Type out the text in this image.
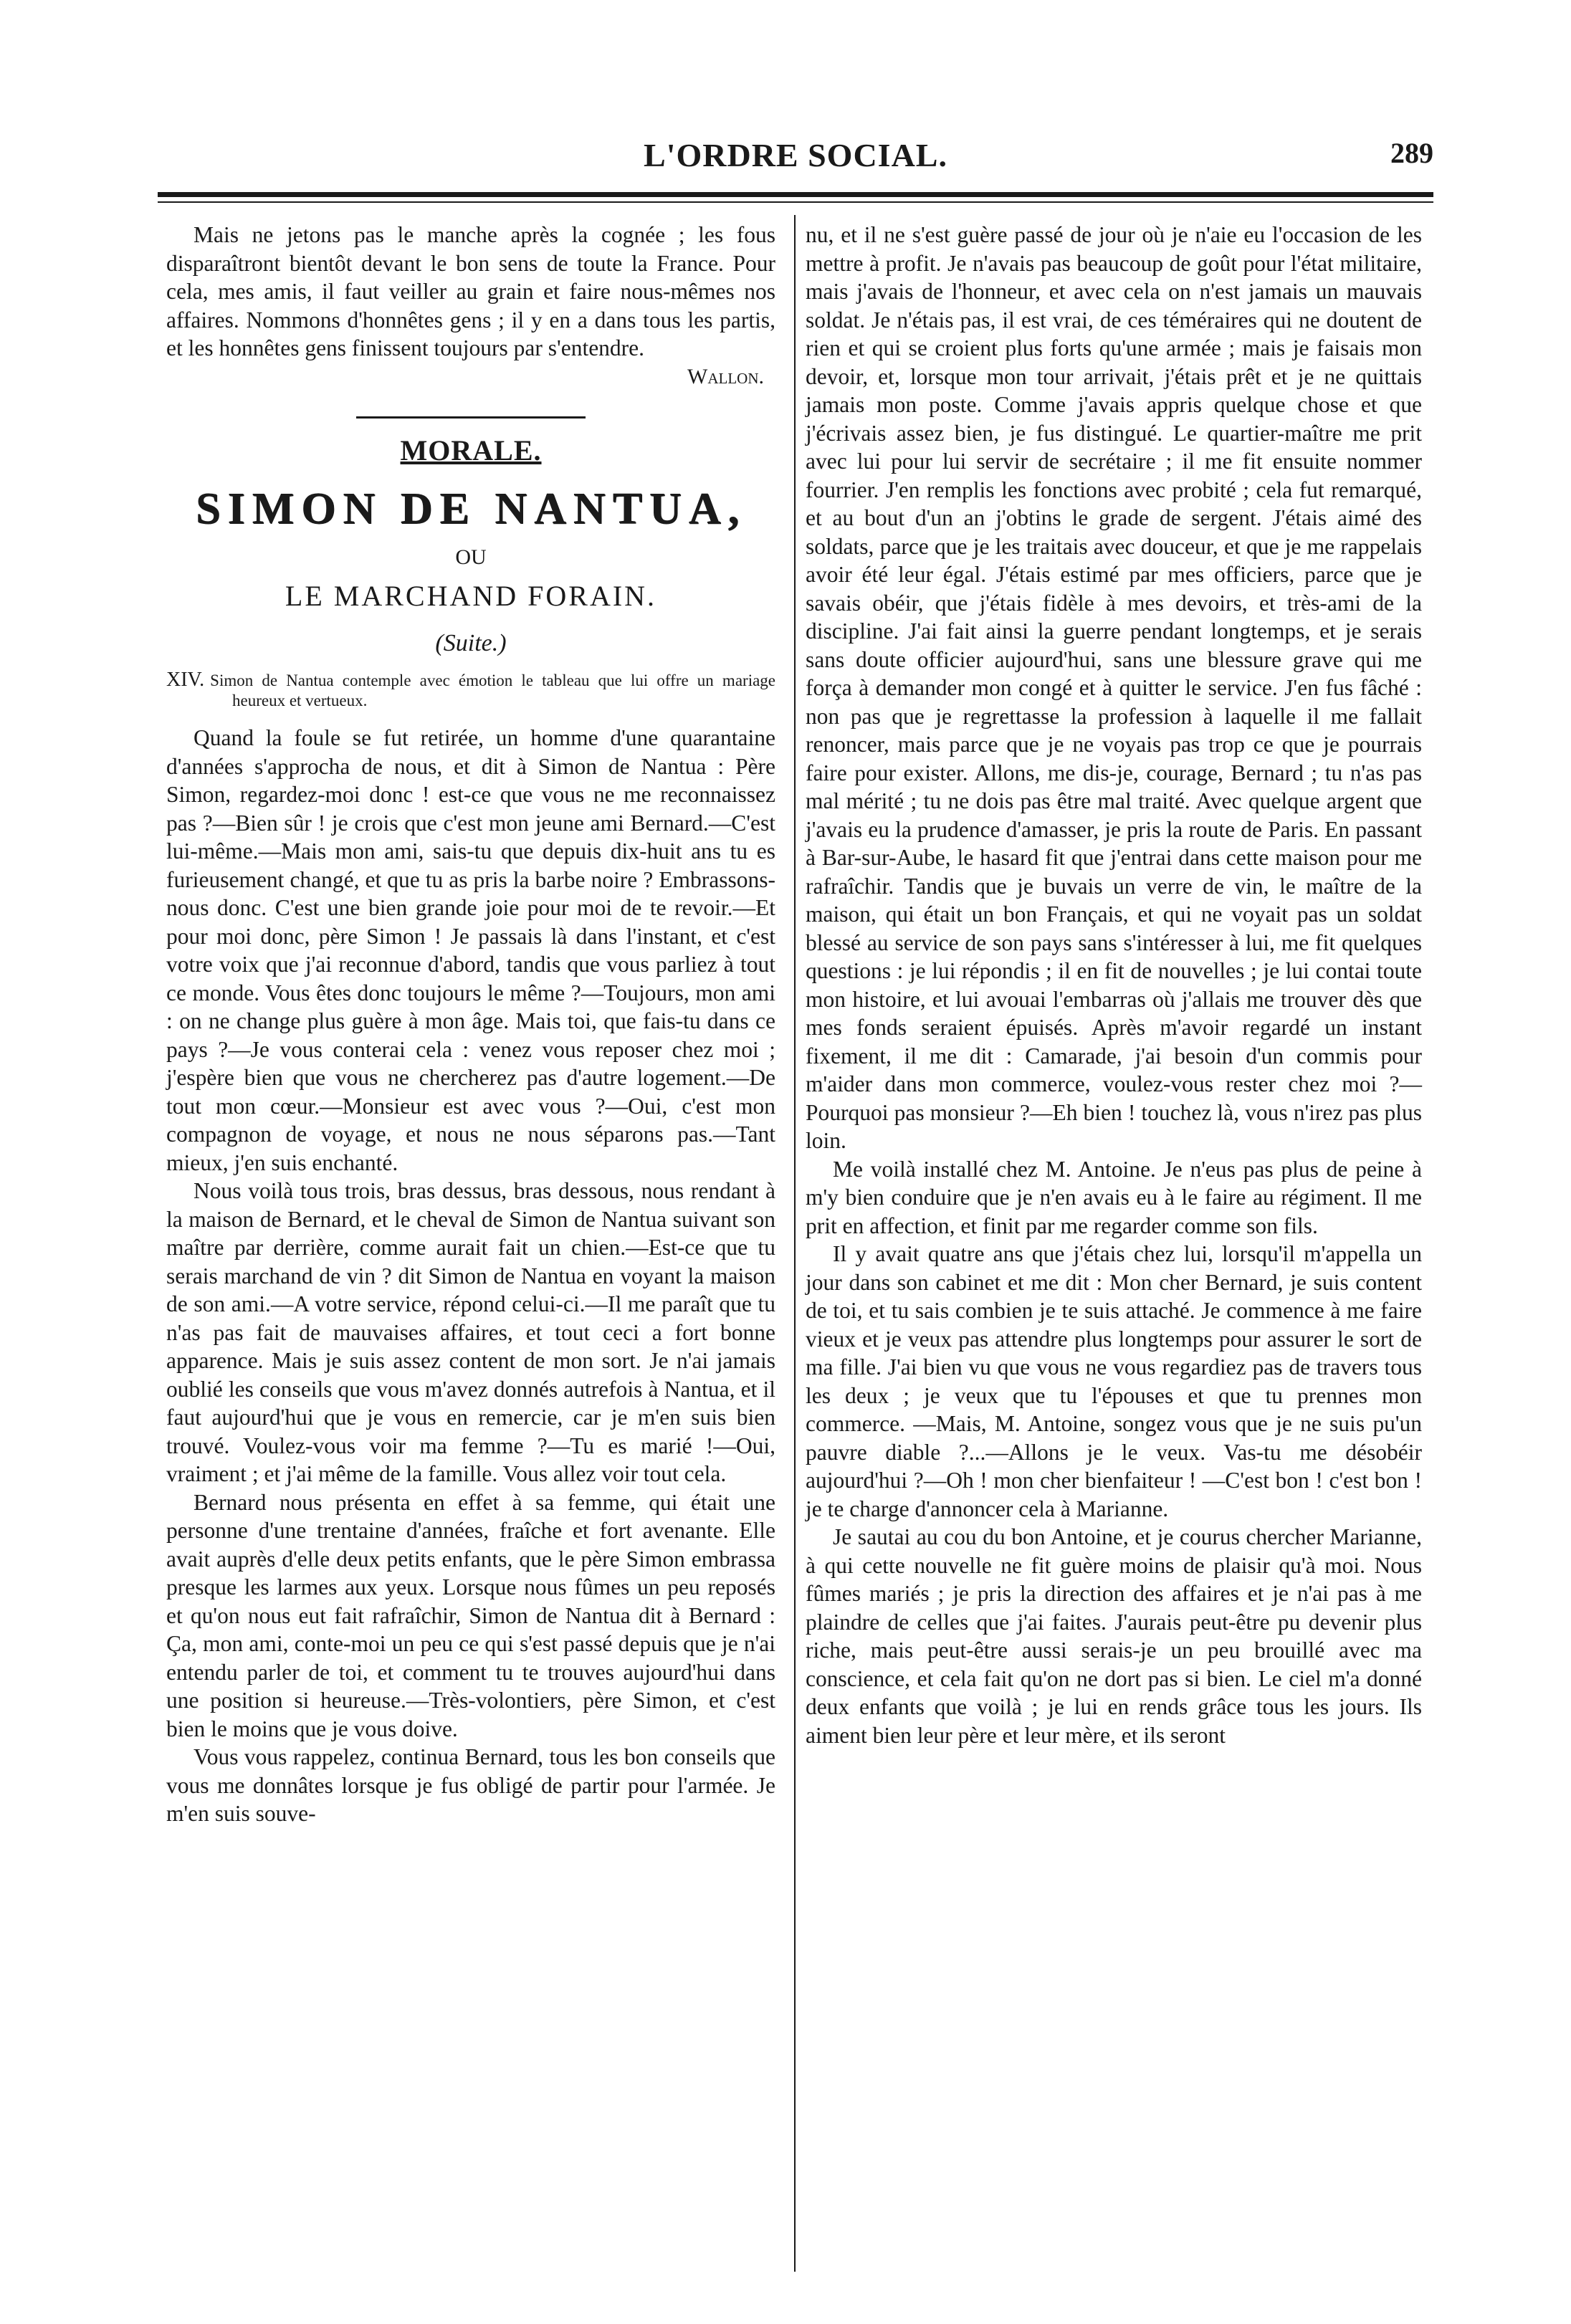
L'ORDRE SOCIAL.	289

Mais ne jetons pas le manche après la cognée ; les fous disparaîtront bientôt devant le bon sens de toute la France. Pour cela, mes amis, il faut veiller au grain et faire nous-mêmes nos affaires. Nommons d'honnêtes gens ; il y en a dans tous les partis, et les honnêtes gens finissent toujours par s'entendre.

Wallon.

MORALE.
SIMON DE NANTUA,
OU
LE MARCHAND FORAIN.
(Suite.)
XIV. Simon de Nantua contemple avec émotion le tableau que lui offre un mariage heureux et vertueux.

Quand la foule se fut retirée, un homme d'une quarantaine d'années s'approcha de nous, et dit à Simon de Nantua : Père Simon, regardez-moi donc ! est-ce que vous ne me reconnaissez pas ?—Bien sûr ! je crois que c'est mon jeune ami Bernard.—C'est lui-même.—Mais mon ami, sais-tu que depuis dix-huit ans tu es furieusement changé, et que tu as pris la barbe noire ? Embrassons-nous donc. C'est une bien grande joie pour moi de te revoir.—Et pour moi donc, père Simon ! Je passais là dans l'instant, et c'est votre voix que j'ai reconnue d'abord, tandis que vous parliez à tout ce monde. Vous êtes donc toujours le même ?—Toujours, mon ami : on ne change plus guère à mon âge. Mais toi, que fais-tu dans ce pays ?—Je vous conterai cela : venez vous reposer chez moi ; j'espère bien que vous ne chercherez pas d'autre logement.—De tout mon cœur.—Monsieur est avec vous ?—Oui, c'est mon compagnon de voyage, et nous ne nous séparons pas.—Tant mieux, j'en suis enchanté.

Nous voilà tous trois, bras dessus, bras dessous, nous rendant à la maison de Bernard, et le cheval de Simon de Nantua suivant son maître par derrière, comme aurait fait un chien.—Est-ce que tu serais marchand de vin ? dit Simon de Nantua en voyant la maison de son ami.—A votre service, répond celui-ci.—Il me paraît que tu n'as pas fait de mauvaises affaires, et tout ceci a fort bonne apparence. Mais je suis assez content de mon sort. Je n'ai jamais oublié les conseils que vous m'avez donnés autrefois à Nantua, et il faut aujourd'hui que je vous en remercie, car je m'en suis bien trouvé. Voulez-vous voir ma femme ?—Tu es marié !—Oui, vraiment ; et j'ai même de la famille. Vous allez voir tout cela.

Bernard nous présenta en effet à sa femme, qui était une personne d'une trentaine d'années, fraîche et fort avenante. Elle avait auprès d'elle deux petits enfants, que le père Simon embrassa presque les larmes aux yeux. Lorsque nous fûmes un peu reposés et qu'on nous eut fait rafraîchir, Simon de Nantua dit à Bernard : Ça, mon ami, conte-moi un peu ce qui s'est passé depuis que je n'ai entendu parler de toi, et comment tu te trouves aujourd'hui dans une position si heureuse.—Très-volontiers, père Simon, et c'est bien le moins que je vous doive.

Vous vous rappelez, continua Bernard, tous les bon conseils que vous me donnâtes lorsque je fus obligé de partir pour l'armée. Je m'en suis souve-

nu, et il ne s'est guère passé de jour où je n'aie eu l'occasion de les mettre à profit. Je n'avais pas beaucoup de goût pour l'état militaire, mais j'avais de l'honneur, et avec cela on n'est jamais un mauvais soldat. Je n'étais pas, il est vrai, de ces téméraires qui ne doutent de rien et qui se croient plus forts qu'une armée ; mais je faisais mon devoir, et, lorsque mon tour arrivait, j'étais prêt et je ne quittais jamais mon poste. Comme j'avais appris quelque chose et que j'écrivais assez bien, je fus distingué. Le quartier-maître me prit avec lui pour lui servir de secrétaire ; il me fit ensuite nommer fourrier. J'en remplis les fonctions avec probité ; cela fut remarqué, et au bout d'un an j'obtins le grade de sergent. J'étais aimé des soldats, parce que je les traitais avec douceur, et que je me rappelais avoir été leur égal. J'étais estimé par mes officiers, parce que je savais obéir, que j'étais fidèle à mes devoirs, et très-ami de la discipline. J'ai fait ainsi la guerre pendant longtemps, et je serais sans doute officier aujourd'hui, sans une blessure grave qui me força à demander mon congé et à quitter le service. J'en fus fâché : non pas que je regrettasse la profession à laquelle il me fallait renoncer, mais parce que je ne voyais pas trop ce que je pourrais faire pour exister. Allons, me dis-je, courage, Bernard ; tu n'as pas mal mérité ; tu ne dois pas être mal traité. Avec quelque argent que j'avais eu la prudence d'amasser, je pris la route de Paris. En passant à Bar-sur-Aube, le hasard fit que j'entrai dans cette maison pour me rafraîchir. Tandis que je buvais un verre de vin, le maître de la maison, qui était un bon Français, et qui ne voyait pas un soldat blessé au service de son pays sans s'intéresser à lui, me fit quelques questions : je lui répondis ; il en fit de nouvelles ; je lui contai toute mon histoire, et lui avouai l'embarras où j'allais me trouver dès que mes fonds seraient épuisés. Après m'avoir regardé un instant fixement, il me dit : Camarade, j'ai besoin d'un commis pour m'aider dans mon commerce, voulez-vous rester chez moi ?—Pourquoi pas monsieur ?—Eh bien ! touchez là, vous n'irez pas plus loin.

Me voilà installé chez M. Antoine. Je n'eus pas plus de peine à m'y bien conduire que je n'en avais eu à le faire au régiment. Il me prit en affection, et finit par me regarder comme son fils.

Il y avait quatre ans que j'étais chez lui, lorsqu'il m'appella un jour dans son cabinet et me dit : Mon cher Bernard, je suis content de toi, et tu sais combien je te suis attaché. Je commence à me faire vieux et je veux pas attendre plus longtemps pour assurer le sort de ma fille. J'ai bien vu que vous ne vous regardiez pas de travers tous les deux ; je veux que tu l'épouses et que tu prennes mon commerce. —Mais, M. Antoine, songez vous que je ne suis pu'un pauvre diable ?...—Allons je le veux. Vas-tu me désobéir aujourd'hui ?—Oh ! mon cher bienfaiteur ! —C'est bon ! c'est bon ! je te charge d'annoncer cela à Marianne.

Je sautai au cou du bon Antoine, et je courus chercher Marianne, à qui cette nouvelle ne fit guère moins de plaisir qu'à moi. Nous fûmes mariés ; je pris la direction des affaires et je n'ai pas à me plaindre de celles que j'ai faites. J'aurais peut-être pu devenir plus riche, mais peut-être aussi serais-je un peu brouillé avec ma conscience, et cela fait qu'on ne dort pas si bien. Le ciel m'a donné deux enfants que voilà ; je lui en rends grâce tous les jours. Ils aiment bien leur père et leur mère, et ils seront
